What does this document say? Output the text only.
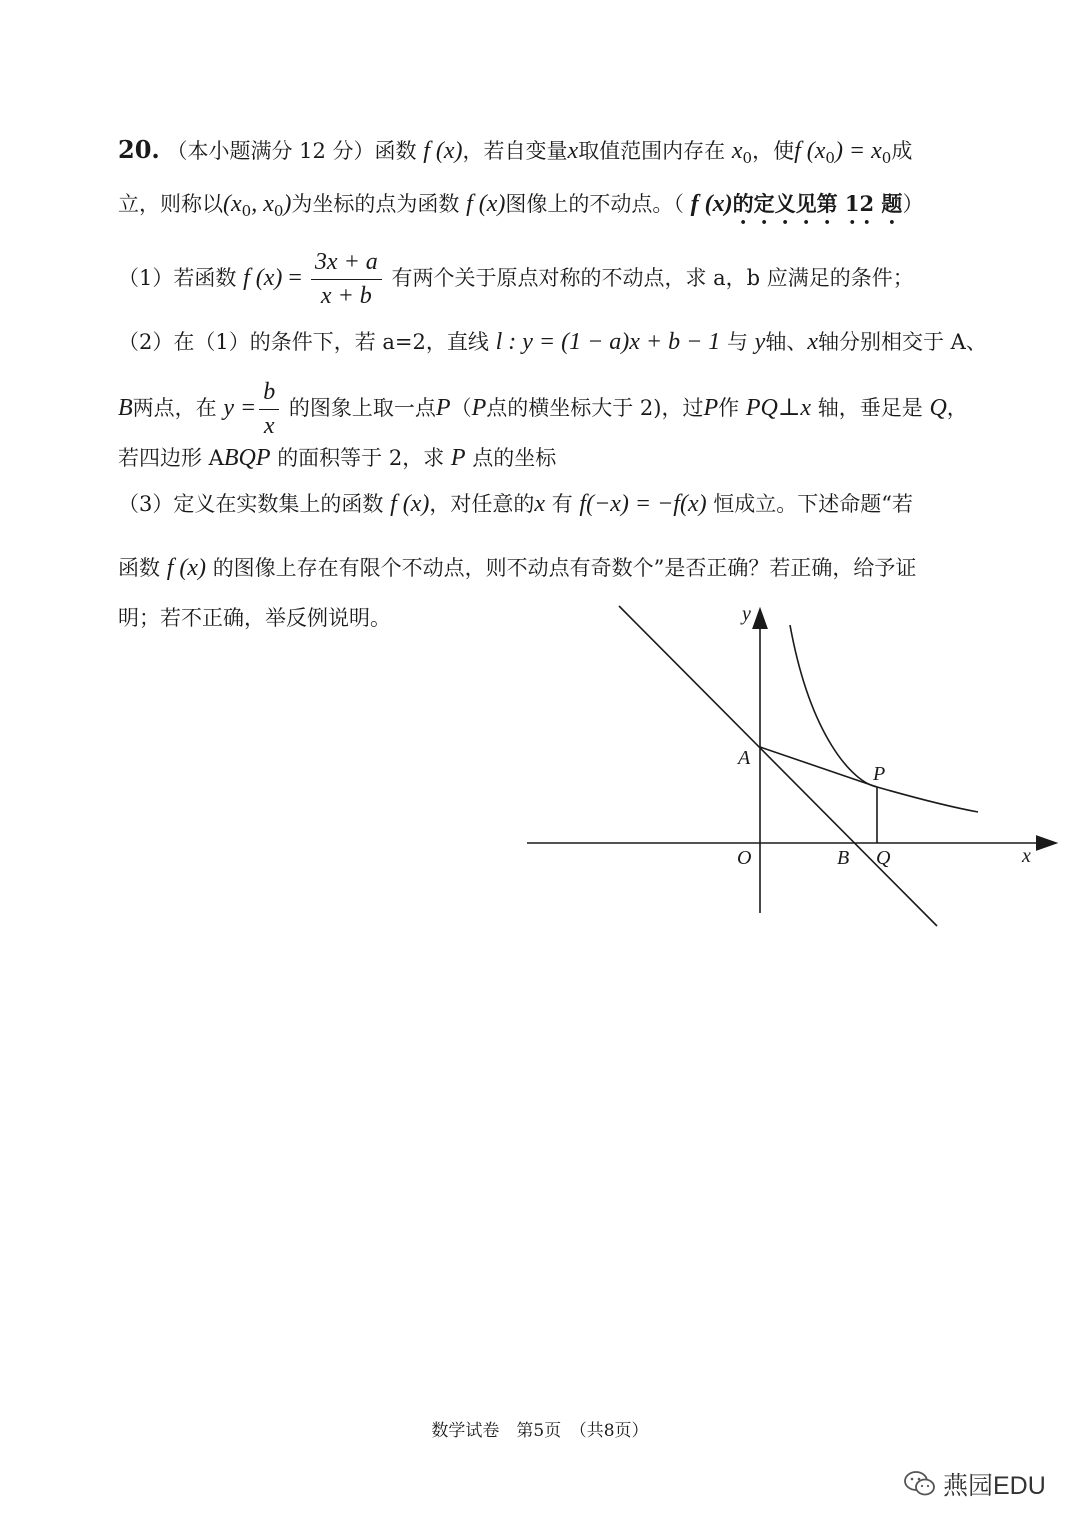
20. （本小题满分 12 分）函数 f (x)，若自变量x取值范围内存在 $x_0$，使f $(x_0) = x_0$成
立，则称以($x_0$, $x_0$)为坐标的点为函数 f (x)图像上的不动点。（ f (x)的定义见第 12 题）
（1）若函数 f $(x) = \frac{3x + a}{x + b}$ 有两个关于原点对称的不动点，求 a，b 应满足的条件；
（2）在（1）的条件下，若 a=2，直线 l : y = (1 − a)x + b − 1 与 y轴、x轴分别相交于 A、
B两点，在 $y = \frac{b}{x}$ 的图象上取一点P（P点的横坐标大于 2)，过P作 PQ⊥x 轴，垂足是 Q，
若四边形 ABQP 的面积等于 2，求 P 点的坐标
（3）定义在实数集上的函数 f (x)，对任意的x 有 f(−x) = −f(x) 恒成立。下述命题“若
函数 f (x) 的图像上存在有限个不动点，则不动点有奇数个”是否正确？若正确，给予证
明；若不正确，举反例说明。	y
x
O
A
B
P
Q
数学试卷　第5页　（共8页）
燕园EDU
